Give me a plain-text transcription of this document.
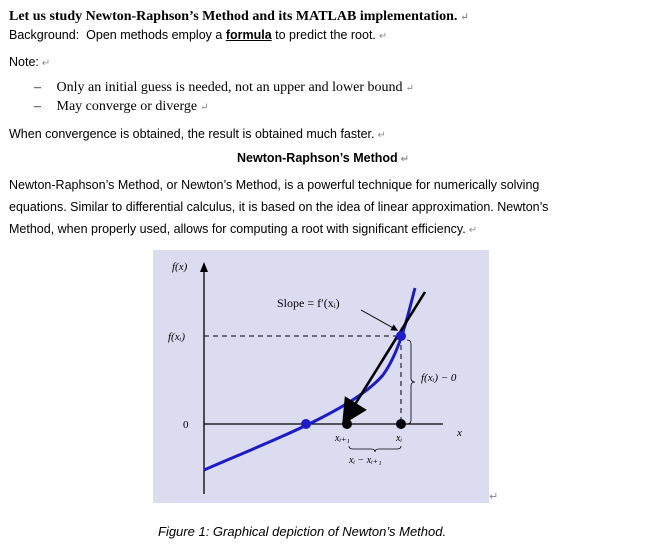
Let us study Newton-Raphson’s Method and its MATLAB implementation. ↵
Background: Open methods employ a formula to predict the root. ↵
Note: ↵
– Only an initial guess is needed, not an upper and lower bound ↵
– May converge or diverge ↵
When convergence is obtained, the result is obtained much faster. ↵
Newton-Raphson’s Method ↵
Newton-Raphson’s Method, or Newton’s Method, is a powerful technique for numerically solving
equations. Similar to differential calculus, it is based on the idea of linear approximation. Newton’s
Method, when properly used, allows for computing a root with significant efficiency. ↵
f(x)
f(xᵢ)
0
Slope = f′(xᵢ)
f(xᵢ) − 0
xᵢ₊₁	xᵢ
xᵢ − xᵢ₊₁
x
↵
Figure 1: Graphical depiction of Newton’s Method.
